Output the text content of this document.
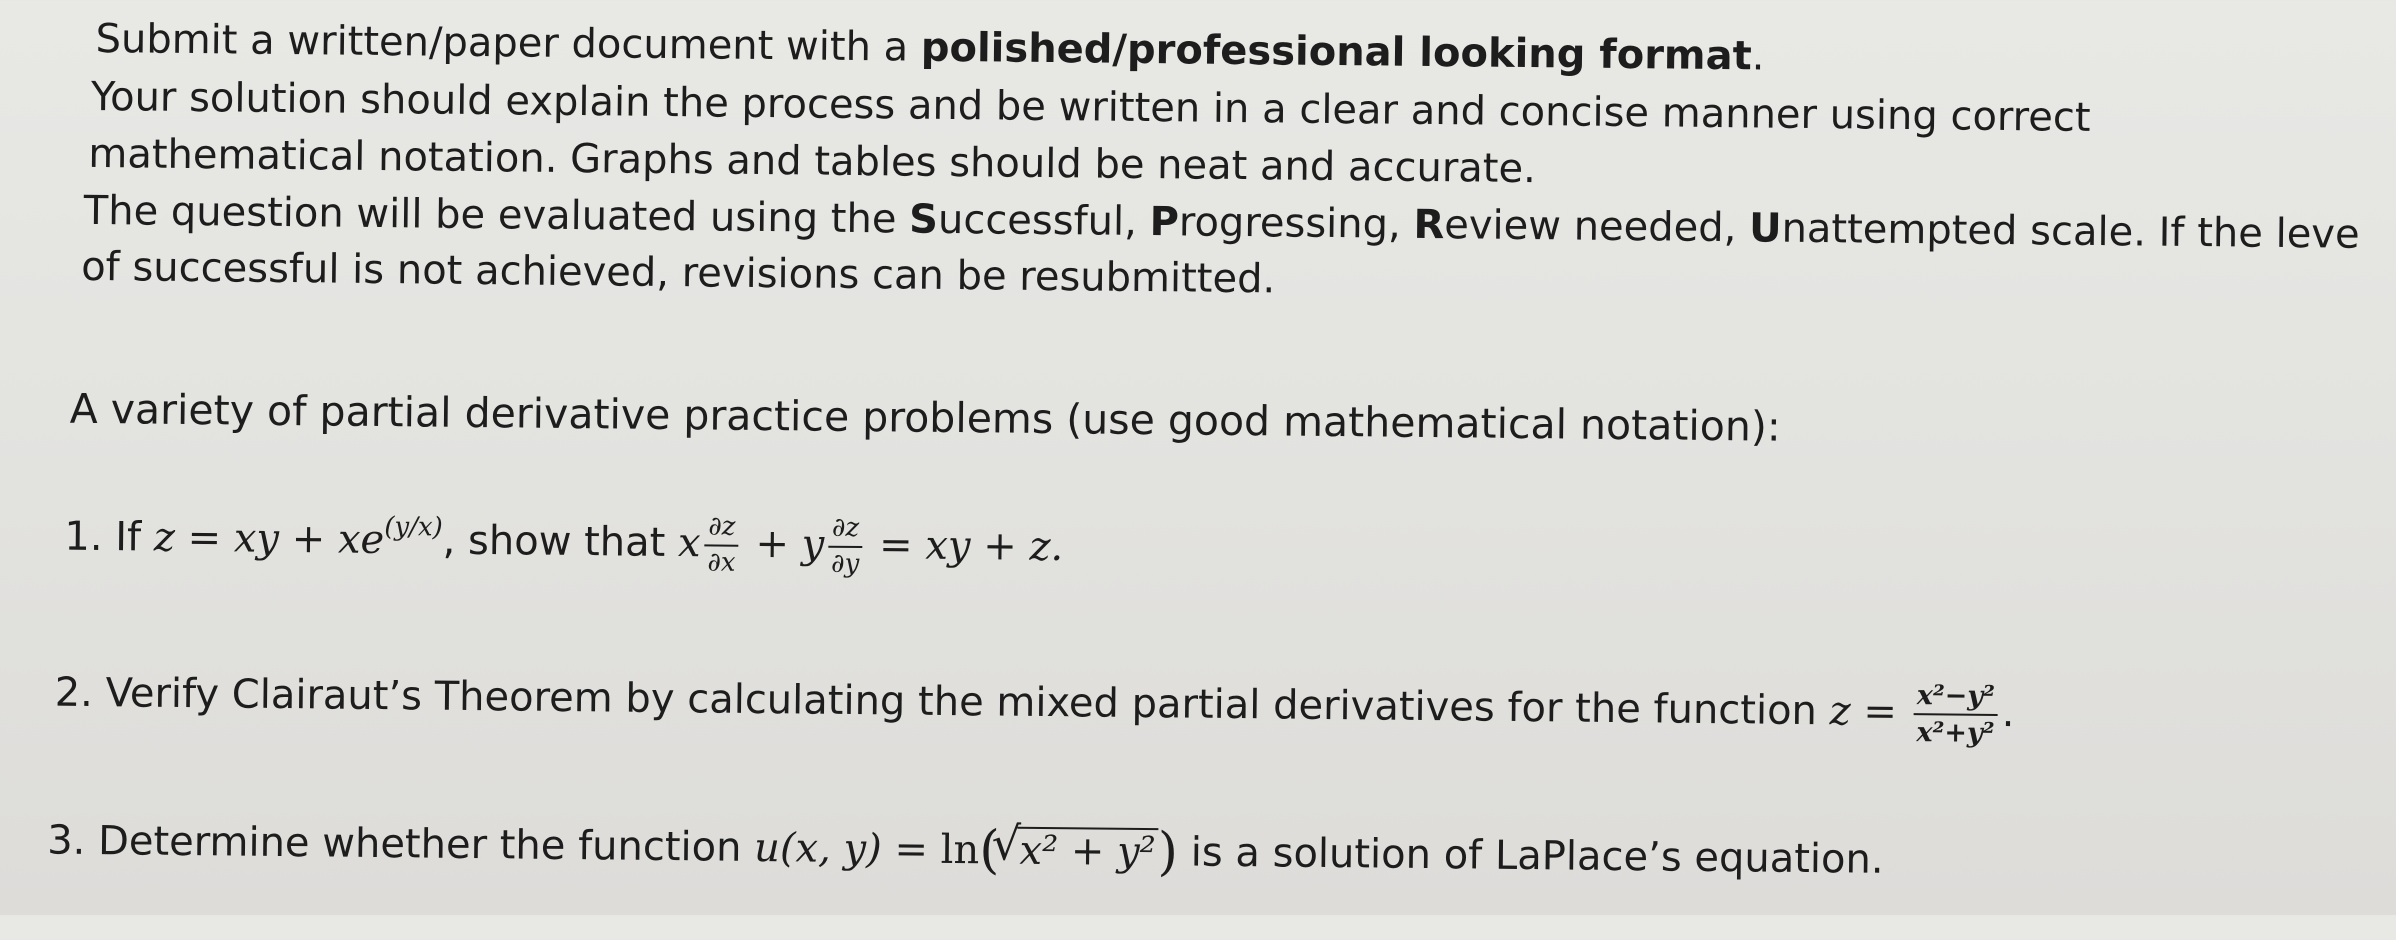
Submit a written/paper document with a polished/professional looking format.
Your solution should explain the process and be written in a clear and concise manner using correct
mathematical notation. Graphs and tables should be neat and accurate.
The question will be evaluated using the Successful, Progressing, Review needed, Unattempted scale. If the leve
of successful is not achieved, revisions can be resubmitted.
A variety of partial derivative practice problems (use good mathematical notation):
1. If z = xy + $xe^{(y/x)}$, show that x $\frac{\partial z}{\partial x} + y \frac{\partial z}{\partial y}$ = xy + z.
2. Verify Clairaut’s Theorem by calculating the mixed partial derivatives for the function $z = \frac{\text{x²−y²}}{\text{x²+y²}}$ .
3. Determine whether the function u(x, y) = ln(√ x² + y²) is a solution of LaPlace’s equation.
